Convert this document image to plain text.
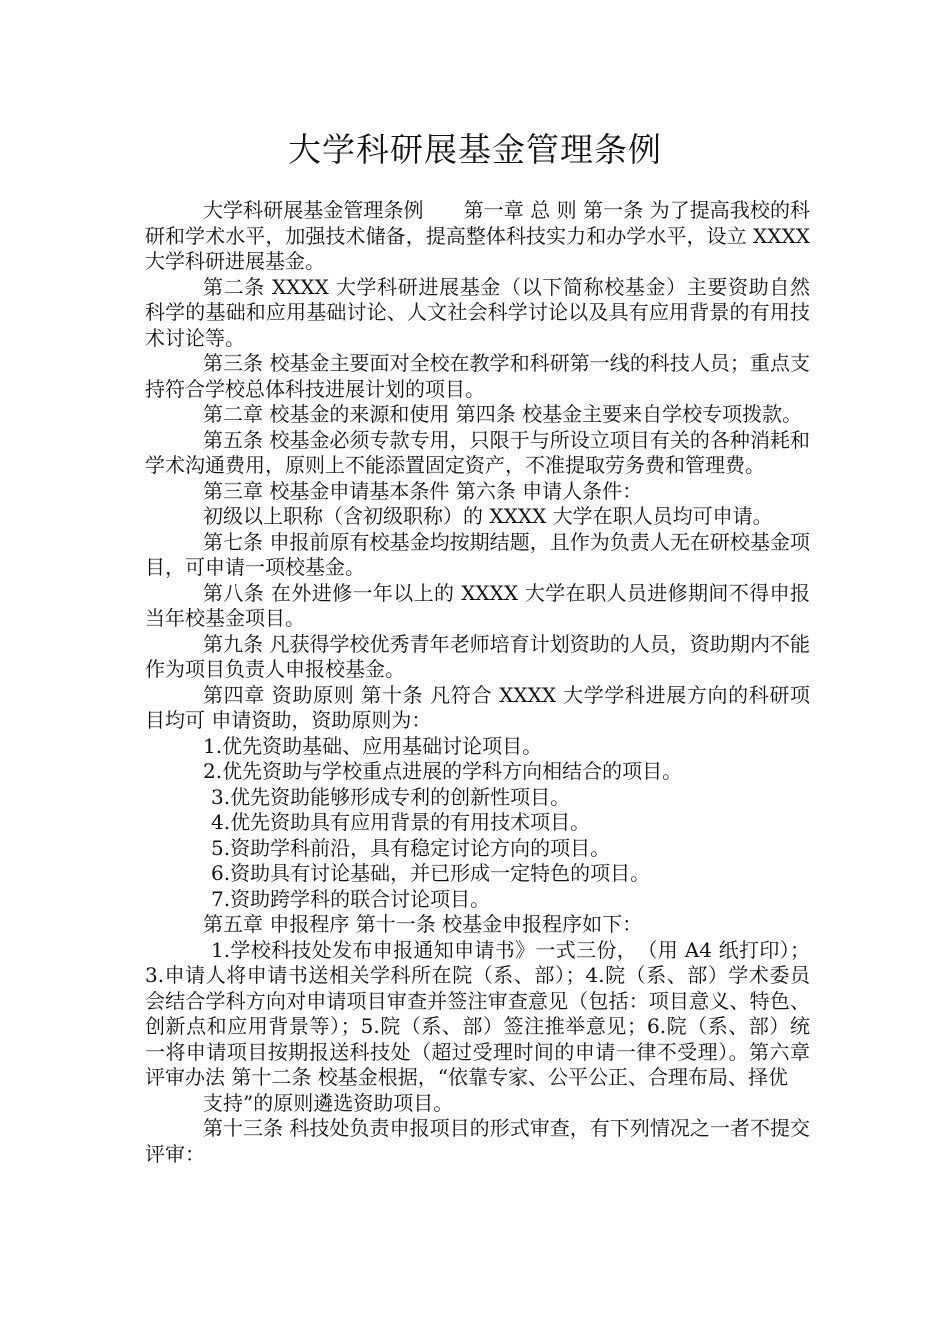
大学科研展基金管理条例

大学科研展基金管理条例　　第一章 总 则 第一条 为了提高我校的科研和学术水平，加强技术储备，提高整体科技实力和办学水平，设立 XXXX 大学科研进展基金。

第二条 XXXX 大学科研进展基金（以下简称校基金）主要资助自然科学的基础和应用基础讨论、人文社会科学讨论以及具有应用背景的有用技术讨论等。

第三条 校基金主要面对全校在教学和科研第一线的科技人员；重点支持符合学校总体科技进展计划的项目。

第二章 校基金的来源和使用 第四条 校基金主要来自学校专项拨款。

第五条 校基金必须专款专用，只限于与所设立项目有关的各种消耗和学术沟通费用，原则上不能添置固定资产，不准提取劳务费和管理费。

第三章 校基金申请基本条件 第六条 申请人条件：

初级以上职称（含初级职称）的 XXXX 大学在职人员均可申请。

第七条 申报前原有校基金均按期结题，且作为负责人无在研校基金项目，可申请一项校基金。

第八条 在外进修一年以上的 XXXX 大学在职人员进修期间不得申报当年校基金项目。

第九条 凡获得学校优秀青年老师培育计划资助的人员，资助期内不能作为项目负责人申报校基金。

第四章 资助原则 第十条 凡符合 XXXX 大学学科进展方向的科研项目均可 申请资助，资助原则为：

1.优先资助基础、应用基础讨论项目。

2.优先资助与学校重点进展的学科方向相结合的项目。

3.优先资助能够形成专利的创新性项目。

4.优先资助具有应用背景的有用技术项目。

5.资助学科前沿，具有稳定讨论方向的项目。

6.资助具有讨论基础，并已形成一定特色的项目。

7.资助跨学科的联合讨论项目。

第五章 申报程序 第十一条 校基金申报程序如下：

1.学校科技处发布申报通知申请书》一式三份，　（用 A4 纸打印）；3.申请人将申请书送相关学科所在院（系、部）；4.院（系、部）学术委员会结合学科方向对申请项目审查并签注审查意见（包括：项目意义、特色、创新点和应用背景等）；5.院（系、部）签注推举意见；6.院（系、部）统一将申请项目按期报送科技处（超过受理时间的申请一律不受理）。第六章 评审办法 第十二条 校基金根据，“依靠专家、公平公正、合理布局、择优

支持”的原则遴选资助项目。

第十三条 科技处负责申报项目的形式审查，有下列情况之一者不提交评审：
